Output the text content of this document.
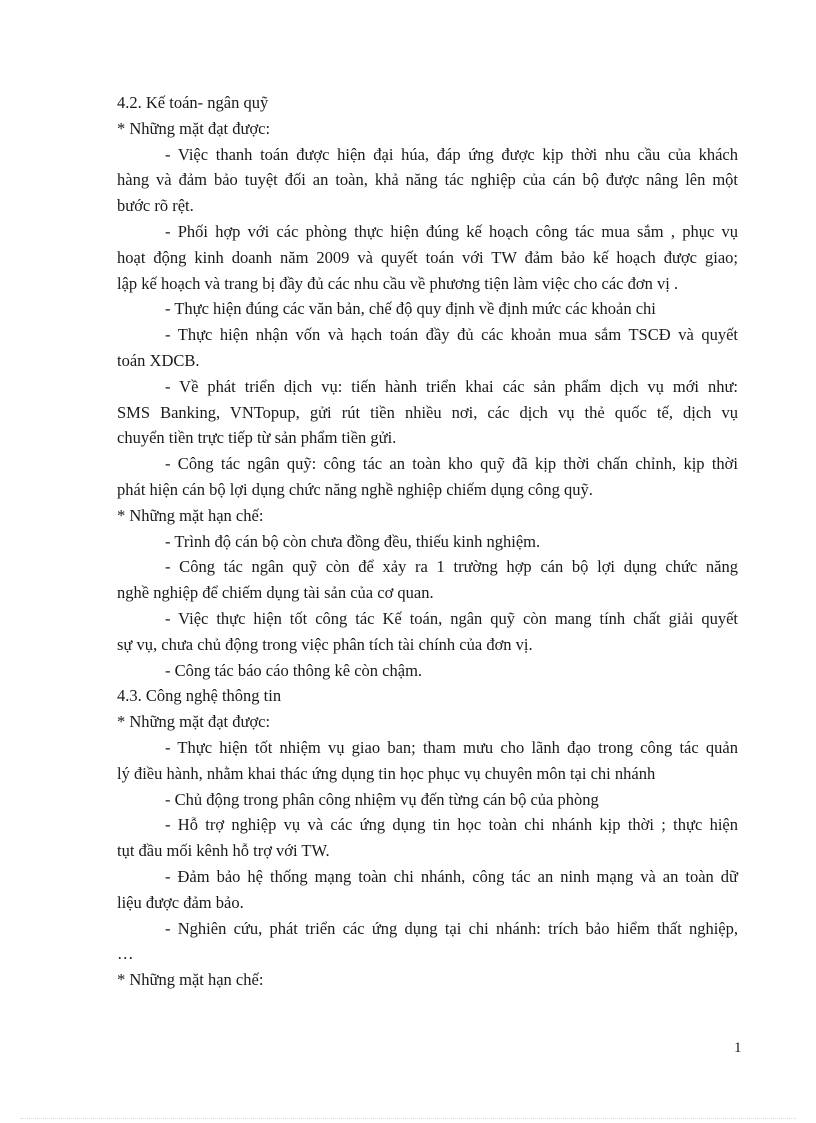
4.2. Kế toán- ngân quỹ

* Những mặt đạt được:

- Việc thanh toán được hiện đại húa, đáp ứng được kịp thời nhu cầu của khách

hàng và đảm bảo tuyệt đối an toàn, khả năng tác nghiệp của cán bộ được nâng lên một

bước rõ rệt.

- Phối hợp với các phòng thực hiện đúng kế hoạch công tác mua sắm , phục vụ

hoạt động kinh doanh năm 2009 và quyết toán với TW đảm bảo kế hoạch được giao;

lập kế hoạch và trang bị đầy đủ các nhu cầu về phương tiện làm việc cho các đơn vị .

- Thực hiện đúng các văn bản, chế độ quy định về định mức các khoản chi

- Thực hiện nhận vốn và hạch toán đầy đủ các khoản mua sắm TSCĐ và quyết

toán XDCB.

- Về phát triển dịch vụ: tiến hành triển khai các sản phẩm dịch vụ mới như:

SMS Banking, VNTopup, gửi rút tiền nhiều nơi, các dịch vụ thẻ quốc tế, dịch vụ

chuyển tiền trực tiếp từ sản phẩm tiền gửi.

- Công tác ngân quỹ: công tác an toàn kho quỹ đã kịp thời chấn chỉnh, kịp thời

phát hiện cán bộ lợi dụng chức năng nghề nghiệp chiếm dụng công quỹ.

* Những mặt hạn chế:

- Trình độ cán bộ còn chưa đồng đều, thiếu kinh nghiệm.

- Công tác ngân quỹ còn để xảy ra 1 trường hợp cán bộ lợi dụng chức năng

nghề nghiệp để chiếm dụng tài sản của cơ quan.

- Việc thực hiện tốt công tác Kế toán, ngân quỹ còn mang tính chất giải quyết

sự vụ, chưa chủ động trong việc phân tích tài chính của đơn vị.

- Công tác báo cáo thông kê còn chậm.

4.3. Công nghệ thông tin

* Những mặt đạt được:

- Thực hiện tốt nhiệm vụ giao ban; tham mưu cho lãnh đạo trong công tác quản

lý điều hành, nhằm khai thác ứng dụng tin học phục vụ chuyên môn tại chi nhánh

- Chủ động trong phân công nhiệm vụ đến từng cán bộ của phòng

- Hỗ trợ nghiệp vụ và các ứng dụng tin học toàn chi nhánh kịp thời ; thực hiện

tụt đầu mối kênh hỗ trợ với TW.

- Đảm bảo hệ thống mạng toàn chi nhánh, công tác an ninh mạng và an toàn dữ

liệu được đảm bảo.

- Nghiên cứu, phát triển các ứng dụng tại chi nhánh: trích bảo hiểm thất nghiệp,

…

* Những mặt hạn chế:

1
